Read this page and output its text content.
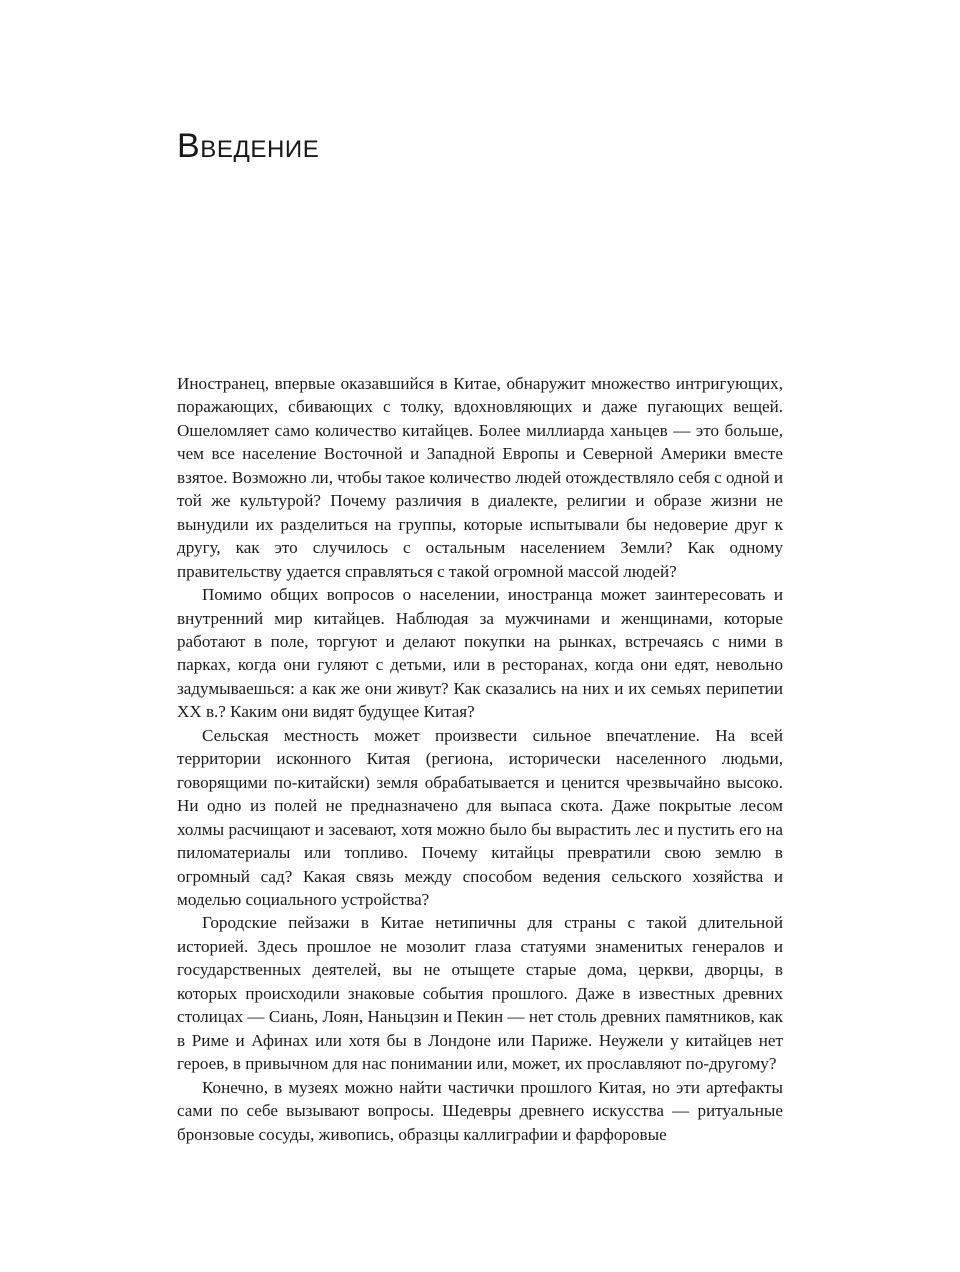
Введение

Иностранец, впервые оказавшийся в Китае, обнаружит множество интригующих, поражающих, сбивающих с толку, вдохновляющих и даже пугающих вещей. Ошеломляет само количество китайцев. Более миллиарда ханьцев — это больше, чем все население Восточной и Западной Европы и Северной Америки вместе взятое. Возможно ли, чтобы такое количество людей отождествляло себя с одной и той же культурой? Почему различия в диалекте, религии и образе жизни не вынудили их разделиться на группы, которые испытывали бы недоверие друг к другу, как это случилось с остальным населением Земли? Как одному правительству удается справляться с такой огромной массой людей?

Помимо общих вопросов о населении, иностранца может заинтересовать и внутренний мир китайцев. Наблюдая за мужчинами и женщинами, которые работают в поле, торгуют и делают покупки на рынках, встречаясь с ними в парках, когда они гуляют с детьми, или в ресторанах, когда они едят, невольно задумываешься: а как же они живут? Как сказались на них и их семьях перипетии XX в.? Каким они видят будущее Китая?

Сельская местность может произвести сильное впечатление. На всей территории исконного Китая (региона, исторически населенного людьми, говорящими по-китайски) земля обрабатывается и ценится чрезвычайно высоко. Ни одно из полей не предназначено для выпаса скота. Даже покрытые лесом холмы расчищают и засевают, хотя можно было бы вырастить лес и пустить его на пиломатериалы или топливо. Почему китайцы превратили свою землю в огромный сад? Какая связь между способом ведения сельского хозяйства и моделью социального устройства?

Городские пейзажи в Китае нетипичны для страны с такой длительной историей. Здесь прошлое не мозолит глаза статуями знаменитых генералов и государственных деятелей, вы не отыщете старые дома, церкви, дворцы, в которых происходили знаковые события прошлого. Даже в известных древних столицах — Сиань, Лоян, Наньцзин и Пекин — нет столь древних памятников, как в Риме и Афинах или хотя бы в Лондоне или Париже. Неужели у китайцев нет героев, в привычном для нас понимании или, может, их прославляют по-другому?

Конечно, в музеях можно найти частички прошлого Китая, но эти артефакты сами по себе вызывают вопросы. Шедевры древнего искусства — ритуальные бронзовые сосуды, живопись, образцы каллиграфии и фарфоровые
